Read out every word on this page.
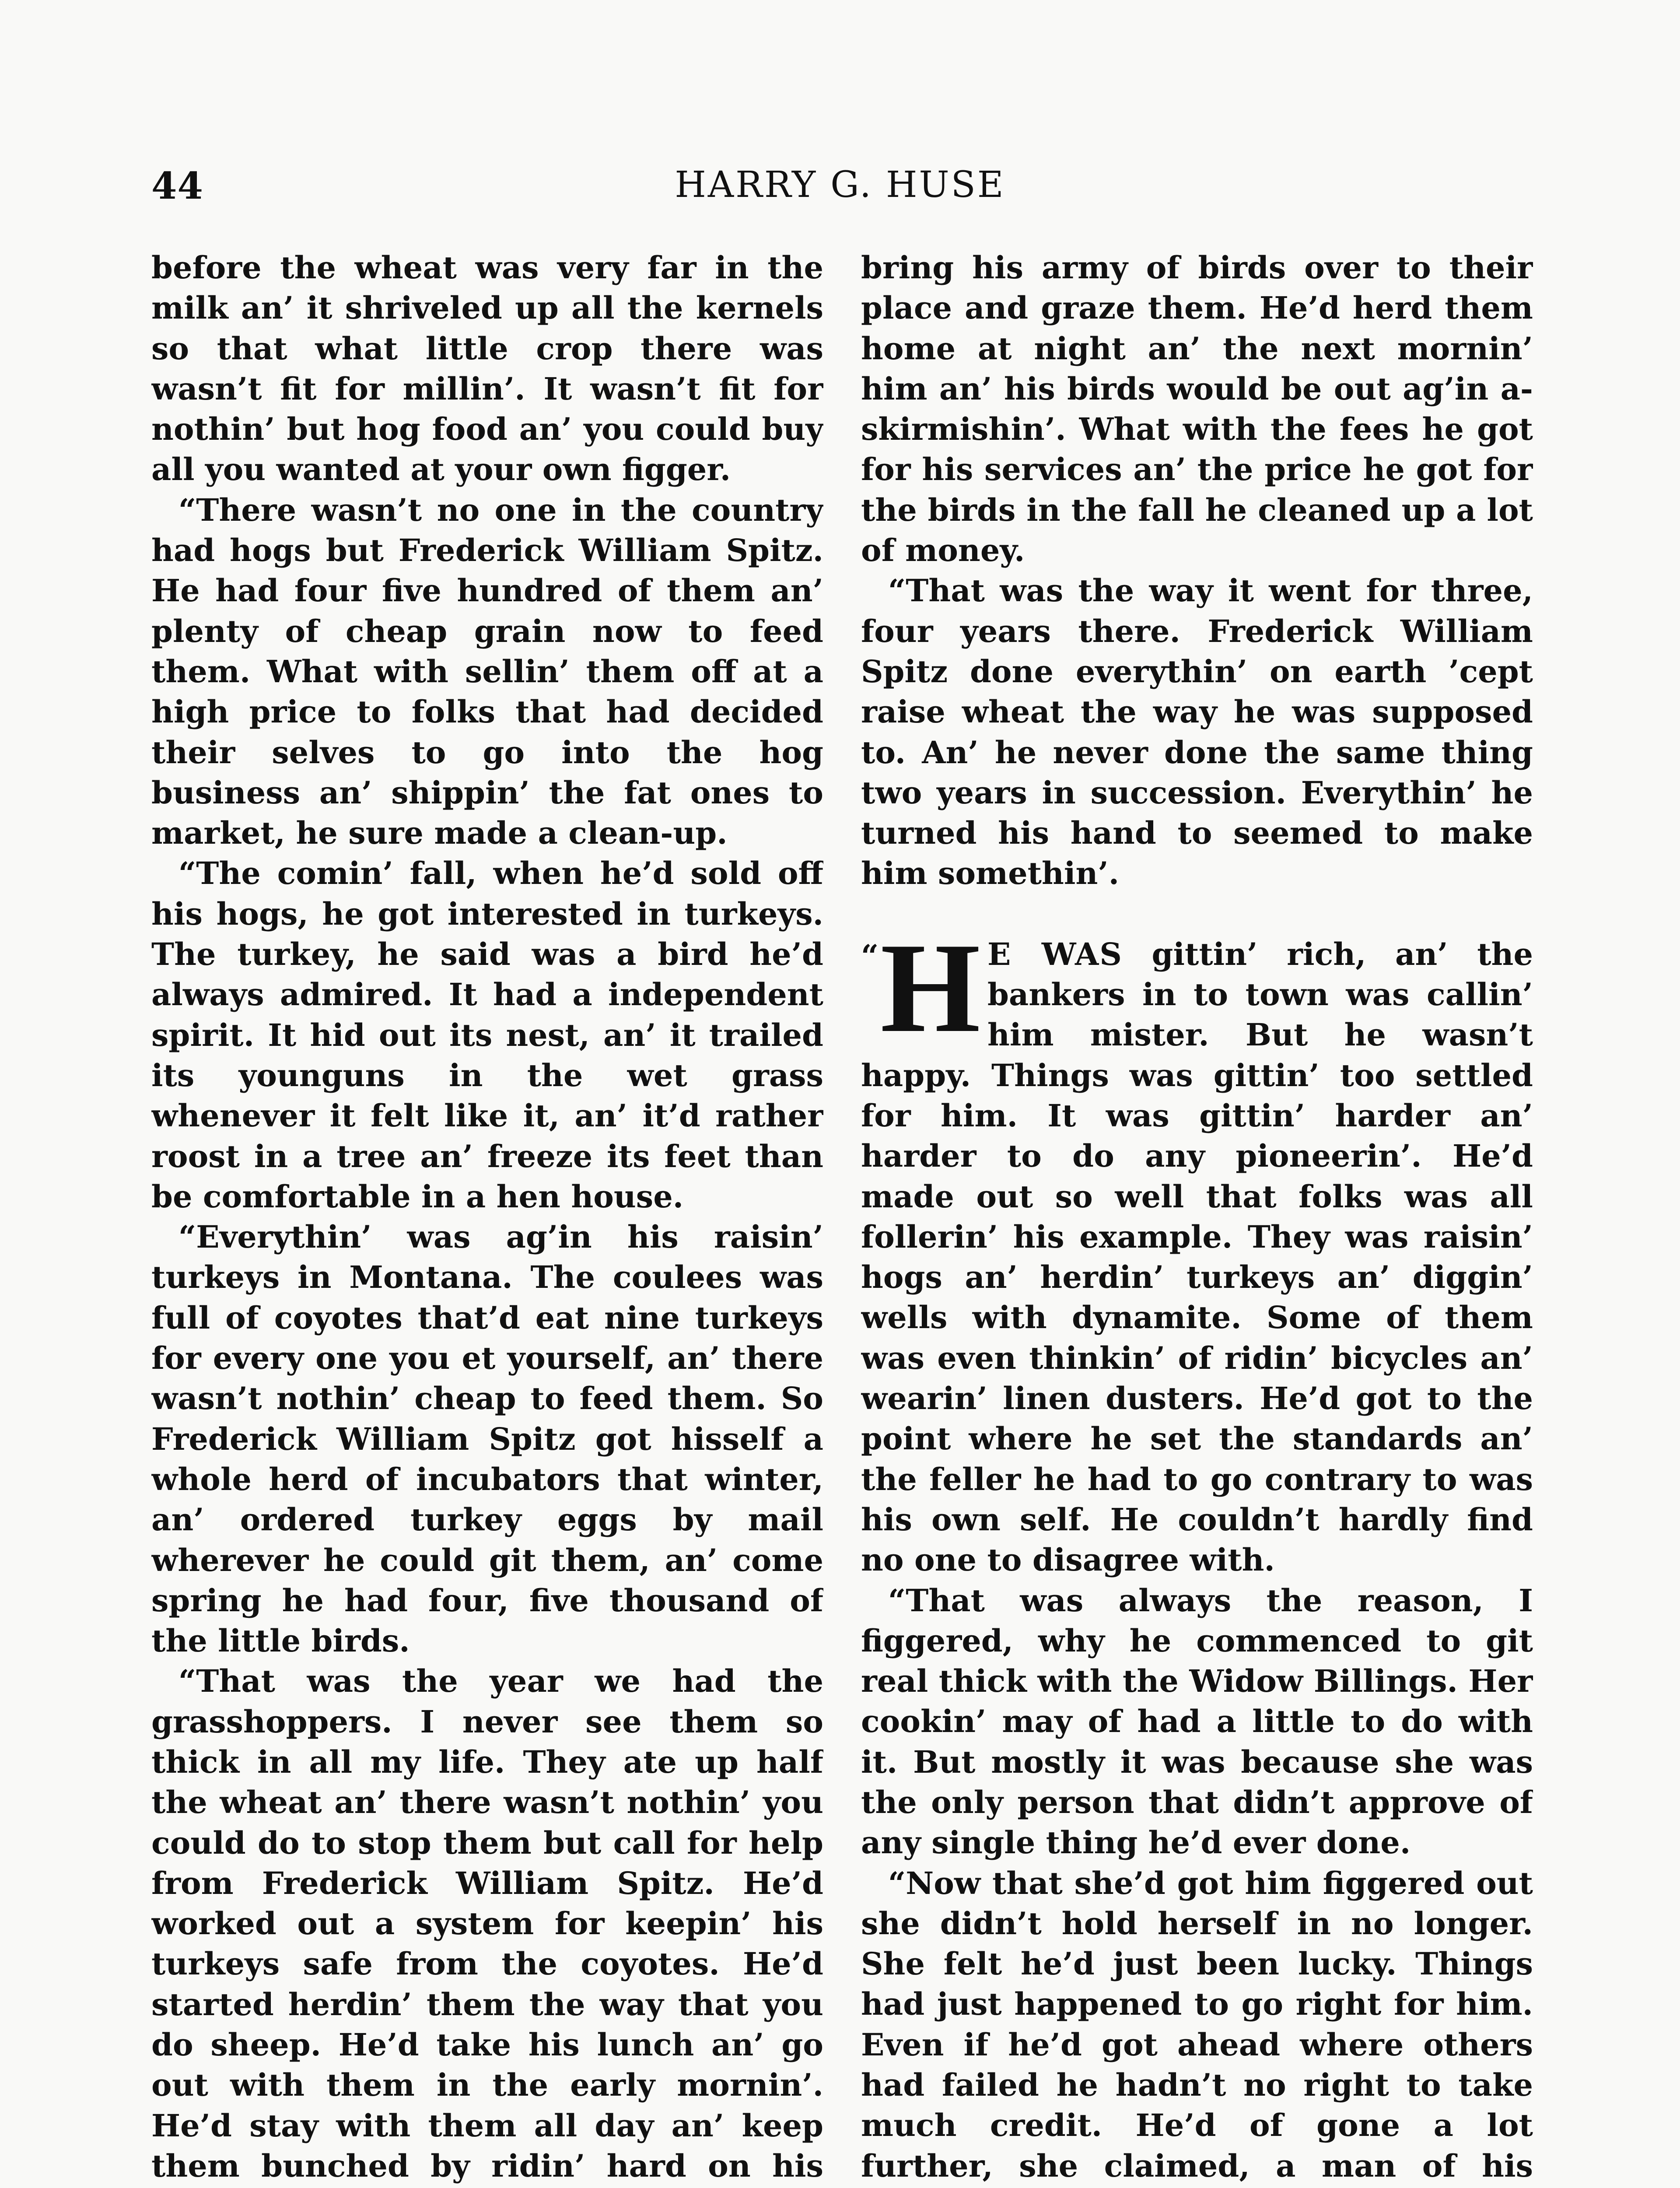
44	HARRY G. HUSE

before the wheat was very far in the milk an’ it shriveled up all the kernels so that what little crop there was wasn’t fit for millin’. It wasn’t fit for nothin’ but hog food an’ you could buy all you wanted at your own figger.

“There wasn’t no one in the country had hogs but Frederick William Spitz. He had four five hundred of them an’ plenty of cheap grain now to feed them. What with sellin’ them off at a high price to folks that had decided their selves to go into the hog business an’ shippin’ the fat ones to market, he sure made a clean-up.

“The comin’ fall, when he’d sold off his hogs, he got interested in turkeys. The turkey, he said was a bird he’d always admired. It had a independent spirit. It hid out its nest, an’ it trailed its younguns in the wet grass whenever it felt like it, an’ it’d rather roost in a tree an’ freeze its feet than be comfortable in a hen house.

“Everythin’ was ag’in his raisin’ turkeys in Montana. The coulees was full of coyotes that’d eat nine turkeys for every one you et yourself, an’ there wasn’t nothin’ cheap to feed them. So Frederick William Spitz got hisself a whole herd of incubators that winter, an’ ordered turkey eggs by mail wherever he could git them, an’ come spring he had four, five thousand of the little birds.

“That was the year we had the grasshoppers. I never see them so thick in all my life. They ate up half the wheat an’ there wasn’t nothin’ you could do to stop them but call for help from Frederick William Spitz. He’d worked out a system for keepin’ his turkeys safe from the coyotes. He’d started herdin’ them the way that you do sheep. He’d take his lunch an’ go out with them in the early mornin’. He’d stay with them all day an’ keep them bunched by ridin’ hard on his

bring his army of birds over to their place and graze them. He’d herd them home at night an’ the next mornin’ him an’ his birds would be out ag’in a-skirmishin’. What with the fees he got for his services an’ the price he got for the birds in the fall he cleaned up a lot of money.

“That was the way it went for three, four years there. Frederick William Spitz done everythin’ on earth ’cept raise wheat the way he was supposed to. An’ he never done the same thing two years in succession. Everythin’ he turned his hand to seemed to make him somethin’.

“ H E WAS gittin’ rich, an’ the bankers in to town was callin’ him mister. But he wasn’t happy. Things was gittin’ too settled for him. It was gittin’ harder an’ harder to do any pioneerin’. He’d made out so well that folks was all follerin’ his example. They was raisin’ hogs an’ herdin’ turkeys an’ diggin’ wells with dynamite. Some of them was even thinkin’ of ridin’ bicycles an’ wearin’ linen dusters. He’d got to the point where he set the standards an’ the feller he had to go contrary to was his own self. He couldn’t hardly find no one to disagree with.

“That was always the reason, I figgered, why he commenced to git real thick with the Widow Billings. Her cookin’ may of had a little to do with it. But mostly it was because she was the only person that didn’t approve of any single thing he’d ever done.

“Now that she’d got him figgered out she didn’t hold herself in no longer. She felt he’d just been lucky. Things had just happened to go right for him. Even if he’d got ahead where others had failed he hadn’t no right to take much credit. He’d of gone a lot further, she claimed, a man of his
